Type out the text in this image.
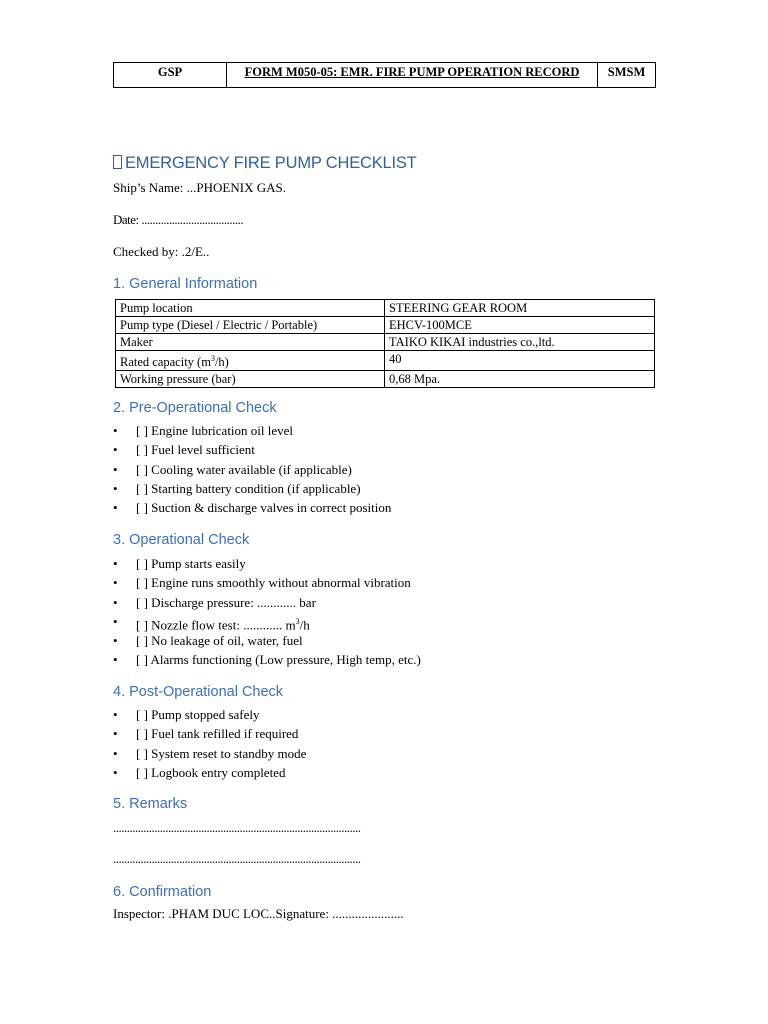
GSP	FORM M050-05: EMR. FIRE PUMP OPERATION RECORD	SMSM
EMERGENCY FIRE PUMP CHECKLIST
Ship’s Name: ...PHOENIX GAS.
Date: .....................................
Checked by: .2/E..
1. General Information
Pump location	STEERING GEAR ROOM
Pump type (Diesel / Electric / Portable)	EHCV-100MCE
Maker	TAIKO KIKAI industries co.,ltd.
Rated capacity $(m^3/h)$	40
Working pressure (bar)	0,68 Mpa.
2. Pre-Operational Check
• [ ] Engine lubrication oil level
• [ ] Fuel level sufficient
• [ ] Cooling water available (if applicable)
• [ ] Starting battery condition (if applicable)
• [ ] Suction & discharge valves in correct position
3. Operational Check
• [ ] Pump starts easily
• [ ] Engine runs smoothly without abnormal vibration
• [ ] Discharge pressure: ............ bar
• [ ] Nozzle flow test: ............ $m^3/h$
• [ ] No leakage of oil, water, fuel
• [ ] Alarms functioning (Low pressure, High temp, etc.)
4. Post-Operational Check
• [ ] Pump stopped safely
• [ ] Fuel tank refilled if required
• [ ] System reset to standby mode
• [ ] Logbook entry completed
5. Remarks
..........................................................................................
..........................................................................................
6. Confirmation
Inspector: .PHAM DUC LOC..Signature: ......................
